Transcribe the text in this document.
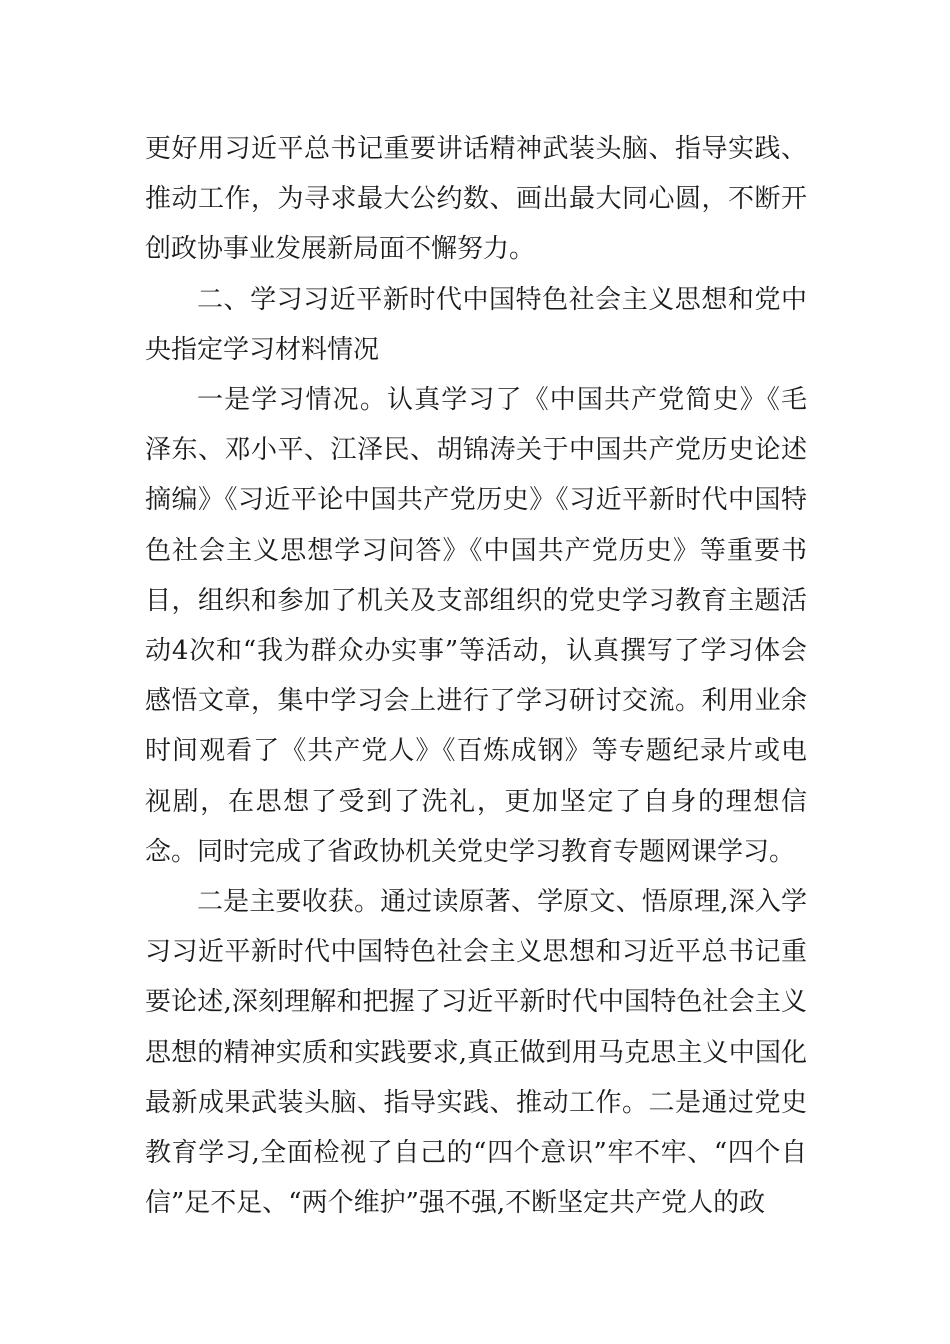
更好用习近平总书记重要讲话精神武装头脑、指导实践、推动工作，为寻求最大公约数、画出最大同心圆，不断开创政协事业发展新局面不懈努力。

二、学习习近平新时代中国特色社会主义思想和党中央指定学习材料情况

一是学习情况。认真学习了《中国共产党简史》《毛泽东、邓小平、江泽民、胡锦涛关于中国共产党历史论述摘编》《习近平论中国共产党历史》《习近平新时代中国特色社会主义思想学习问答》《中国共产党历史》等重要书目，组织和参加了机关及支部组织的党史学习教育主题活动4次和“我为群众办实事”等活动，认真撰写了学习体会感悟文章，集中学习会上进行了学习研讨交流。利用业余时间观看了《共产党人》《百炼成钢》等专题纪录片或电视剧，在思想了受到了洗礼，更加坚定了自身的理想信念。同时完成了省政协机关党史学习教育专题网课学习。

二是主要收获。通过读原著、学原文、悟原理,深入学习习近平新时代中国特色社会主义思想和习近平总书记重要论述,深刻理解和把握了习近平新时代中国特色社会主义思想的精神实质和实践要求,真正做到用马克思主义中国化最新成果武装头脑、指导实践、推动工作。二是通过党史教育学习,全面检视了自己的“四个意识”牢不牢、“四个自信”足不足、“两个维护”强不强,不断坚定共产党人的政
